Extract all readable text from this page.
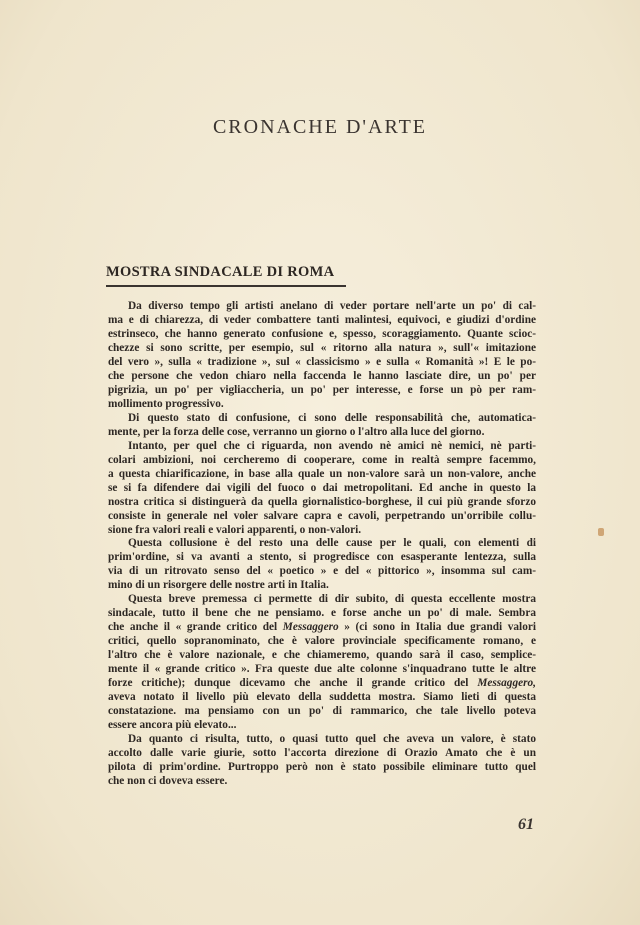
CRONACHE D'ARTE
MOSTRA SINDACALE DI ROMA
Da diverso tempo gli artisti anelano di veder portare nell'arte un po' di cal-
ma e di chiarezza, di veder combattere tanti malintesi, equivoci, e giudizi d'ordine
estrinseco, che hanno generato confusione e, spesso, scoraggiamento. Quante scioc-
chezze si sono scritte, per esempio, sul « ritorno alla natura », sull'« imitazione
del vero », sulla « tradizione », sul « classicismo » e sulla « Romanità »! E le po-
che persone che vedon chiaro nella faccenda le hanno lasciate dire, un po' per
pigrizia, un po' per vigliaccheria, un po' per interesse, e forse un pò per ram-
mollimento progressivo.
Di questo stato di confusione, ci sono delle responsabilità che, automatica-
mente, per la forza delle cose, verranno un giorno o l'altro alla luce del giorno.
Intanto, per quel che ci riguarda, non avendo nè amici nè nemici, nè parti-
colari ambizioni, noi cercheremo di cooperare, come in realtà sempre facemmo,
a questa chiarificazione, in base alla quale un non-valore sarà un non-valore, anche
se si fa difendere dai vigili del fuoco o dai metropolitani. Ed anche in questo la
nostra critica si distinguerà da quella giornalistico-borghese, il cui più grande sforzo
consiste in generale nel voler salvare capra e cavoli, perpetrando un'orribile collu-
sione fra valori reali e valori apparenti, o non-valori.
Questa collusione è del resto una delle cause per le quali, con elementi di
prim'ordine, si va avanti a stento, si progredisce con esasperante lentezza, sulla
via di un ritrovato senso del « poetico » e del « pittorico », insomma sul cam-
mino di un risorgere delle nostre arti in Italia.
Questa breve premessa ci permette di dir subito, di questa eccellente mostra
sindacale, tutto il bene che ne pensiamo. e forse anche un po' di male. Sembra
che anche il « grande critico del Messaggero » (ci sono in Italia due grandi valori
critici, quello sopranominato, che è valore provinciale specificamente romano, e
l'altro che è valore nazionale, e che chiameremo, quando sarà il caso, semplice-
mente il « grande critico ». Fra queste due alte colonne s'inquadrano tutte le altre
forze critiche); dunque dicevamo che anche il grande critico del Messaggero,
aveva notato il livello più elevato della suddetta mostra. Siamo lieti di questa
constatazione. ma pensiamo con un po' di rammarico, che tale livello poteva
essere ancora più elevato...
Da quanto ci risulta, tutto, o quasi tutto quel che aveva un valore, è stato
accolto dalle varie giurie, sotto l'accorta direzione di Orazio Amato che è un
pilota di prim'ordine. Purtroppo però non è stato possibile eliminare tutto quel
che non ci doveva essere.
61
